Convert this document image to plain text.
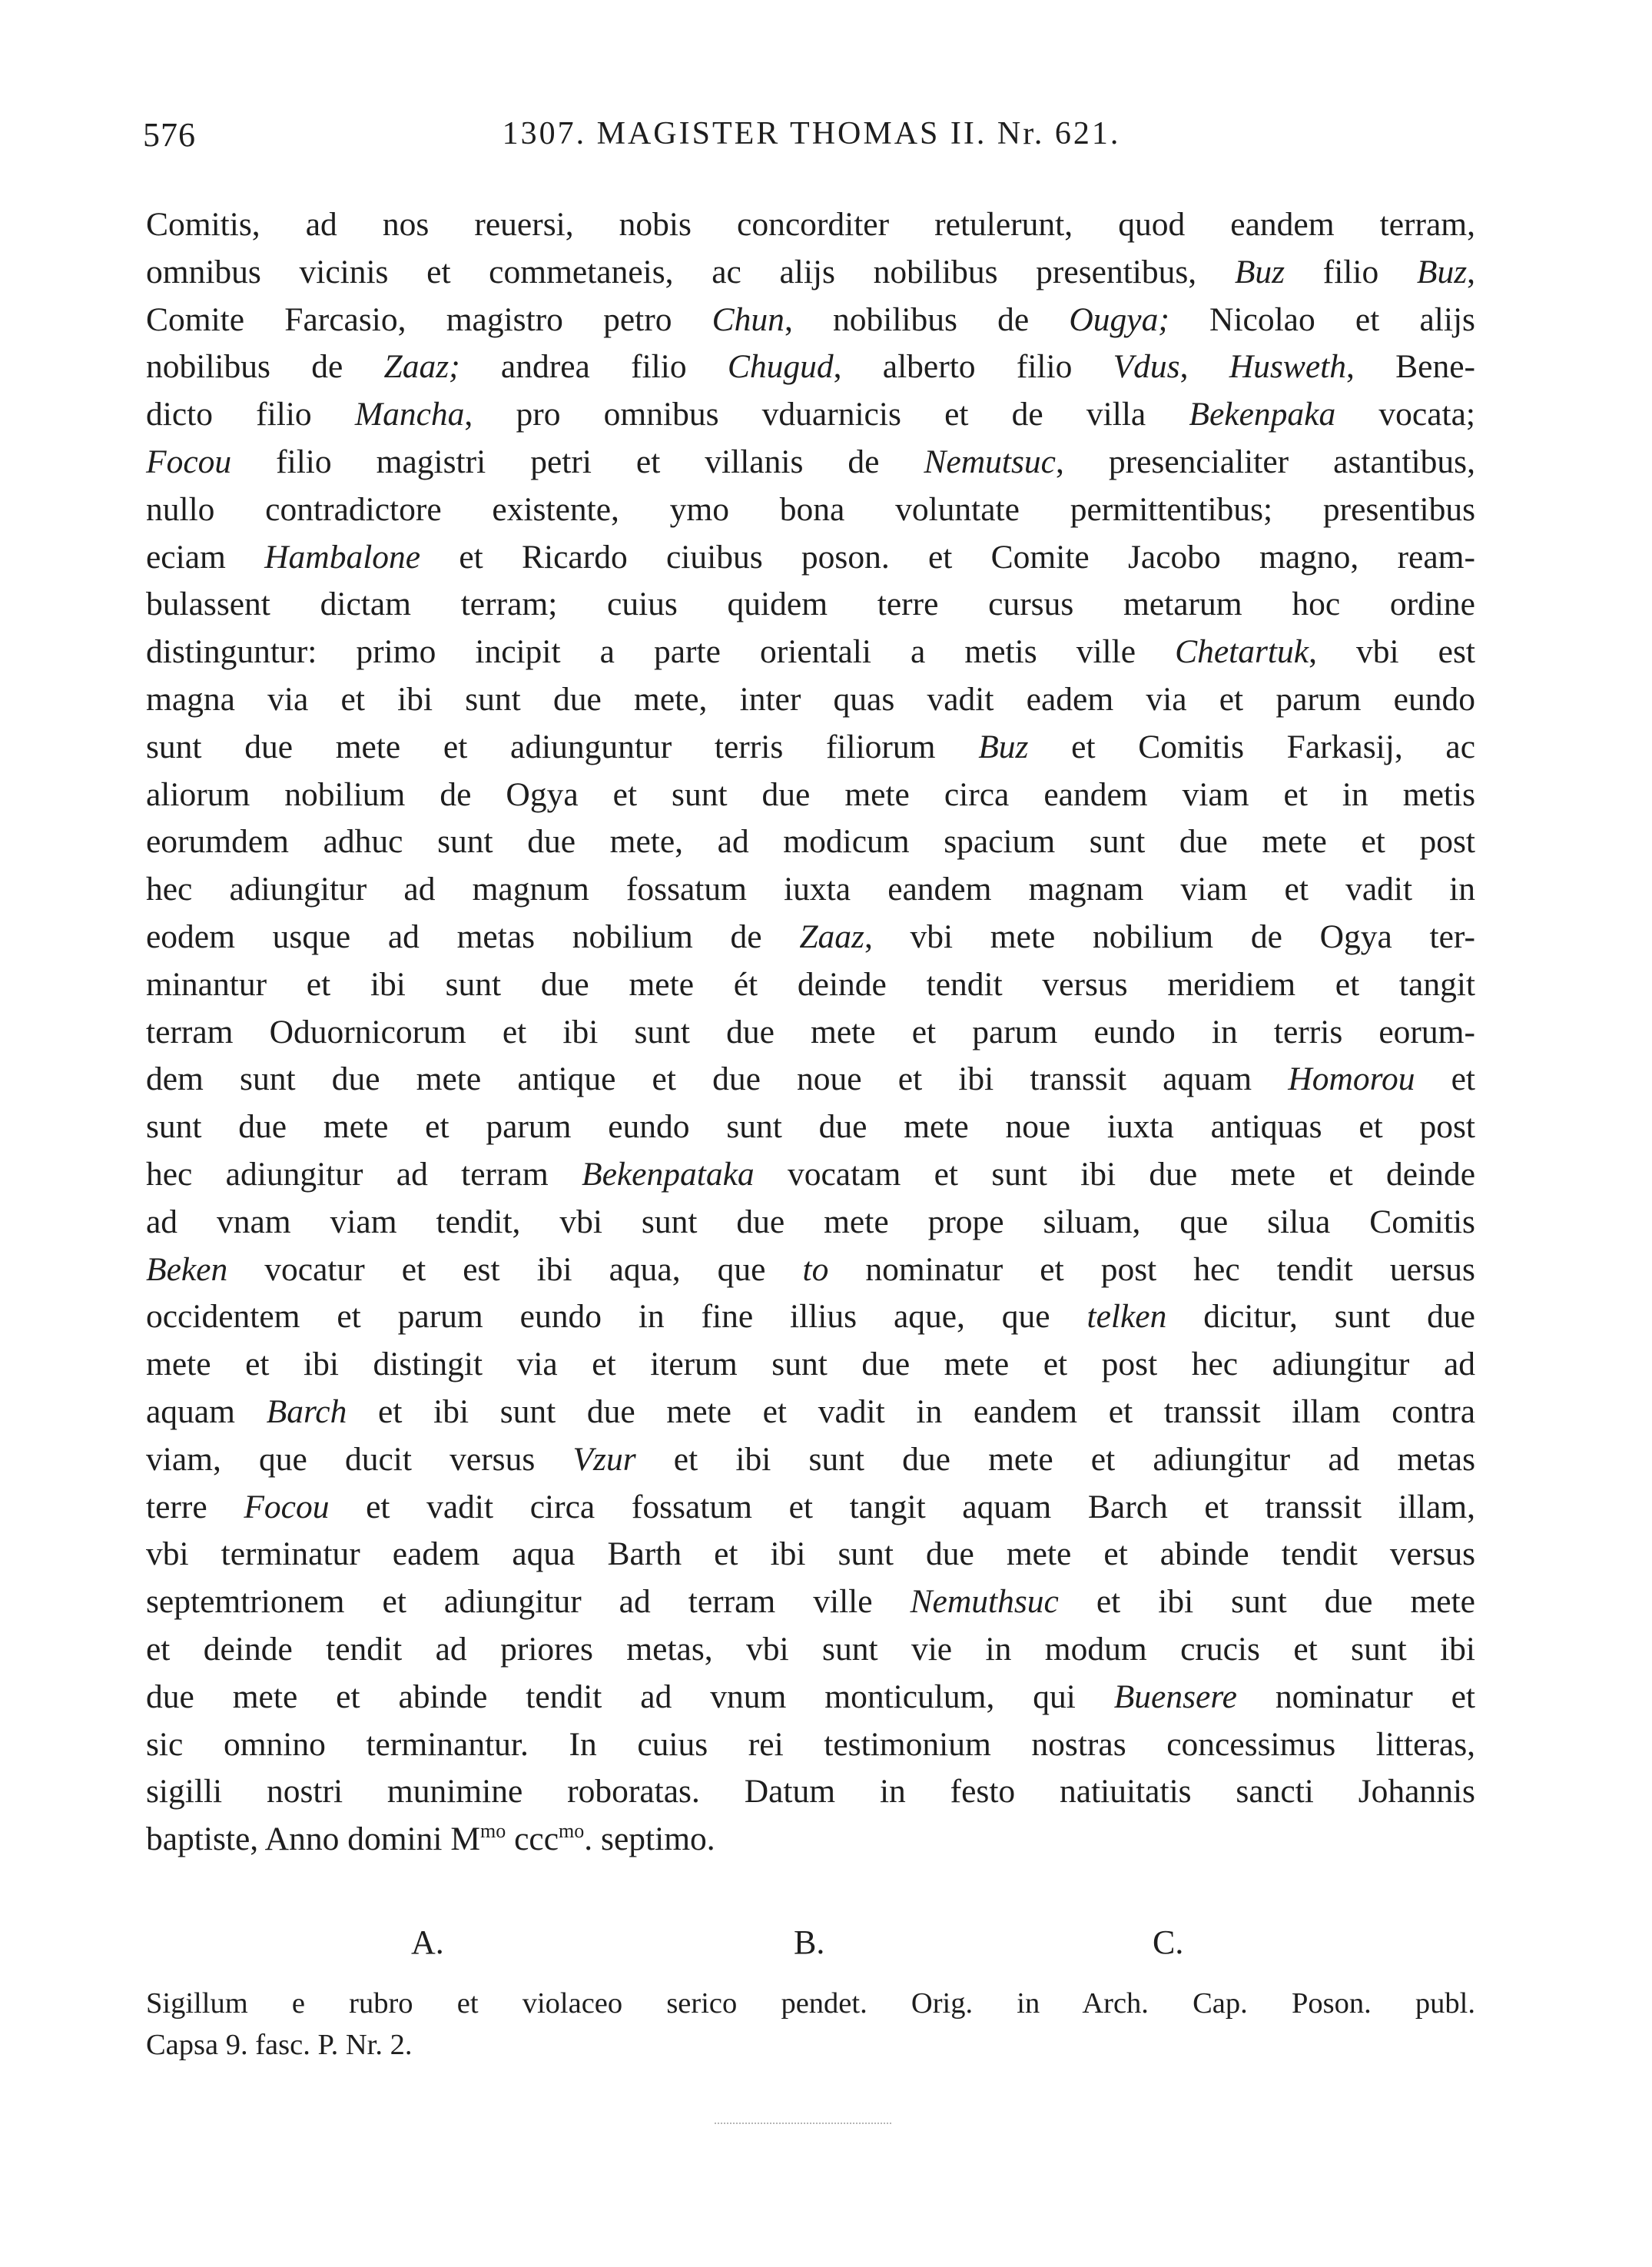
576	1307. MAGISTER THOMAS II. Nr. 621.
Comitis, ad nos reuersi, nobis concorditer retulerunt, quod eandem terram,
omnibus vicinis et commetaneis, ac alijs nobilibus presentibus, Buz filio Buz,
Comite Farcasio, magistro petro Chun, nobilibus de Ougya; Nicolao et alijs
nobilibus de Zaaz; andrea filio Chugud, alberto filio Vdus, Husweth, Bene-
dicto filio Mancha, pro omnibus vduarnicis et de villa Bekenpaka vocata;
Focou filio magistri petri et villanis de Nemutsuc, presencialiter astantibus,
nullo contradictore existente, ymo bona voluntate permittentibus; presentibus
eciam Hambalone et Ricardo ciuibus poson. et Comite Jacobo magno, ream-
bulassent dictam terram; cuius quidem terre cursus metarum hoc ordine
distinguntur: primo incipit a parte orientali a metis ville Chetartuk, vbi est
magna via et ibi sunt due mete, inter quas vadit eadem via et parum eundo
sunt due mete et adiunguntur terris filiorum Buz et Comitis Farkasij, ac
aliorum nobilium de Ogya et sunt due mete circa eandem viam et in metis
eorumdem adhuc sunt due mete, ad modicum spacium sunt due mete et post
hec adiungitur ad magnum fossatum iuxta eandem magnam viam et vadit in
eodem usque ad metas nobilium de Zaaz, vbi mete nobilium de Ogya ter-
minantur et ibi sunt due mete ét deinde tendit versus meridiem et tangit
terram Oduornicorum et ibi sunt due mete et parum eundo in terris eorum-
dem sunt due mete antique et due noue et ibi transsit aquam Homorou et
sunt due mete et parum eundo sunt due mete noue iuxta antiquas et post
hec adiungitur ad terram Bekenpataka vocatam et sunt ibi due mete et deinde
ad vnam viam tendit, vbi sunt due mete prope siluam, que silua Comitis
Beken vocatur et est ibi aqua, que to nominatur et post hec tendit uersus
occidentem et parum eundo in fine illius aque, que telken dicitur, sunt due
mete et ibi distingit via et iterum sunt due mete et post hec adiungitur ad
aquam Barch et ibi sunt due mete et vadit in eandem et transsit illam contra
viam, que ducit versus Vzur et ibi sunt due mete et adiungitur ad metas
terre Focou et vadit circa fossatum et tangit aquam Barch et transsit illam,
vbi terminatur eadem aqua Barth et ibi sunt due mete et abinde tendit versus
septemtrionem et adiungitur ad terram ville Nemuthsuc et ibi sunt due mete
et deinde tendit ad priores metas, vbi sunt vie in modum crucis et sunt ibi
due mete et abinde tendit ad vnum monticulum, qui Buensere nominatur et
sic omnino terminantur. In cuius rei testimonium nostras concessimus litteras,
sigilli nostri munimine roboratas. Datum in festo natiuitatis sancti Johannis
baptiste, Anno domini $M^{mo}$ ccc$^{mo}$. septimo.
A.	B.	C.
Sigillum e rubro et violaceo serico pendet. Orig. in Arch. Cap. Poson. publ.
Capsa 9. fasc. P. Nr. 2.
